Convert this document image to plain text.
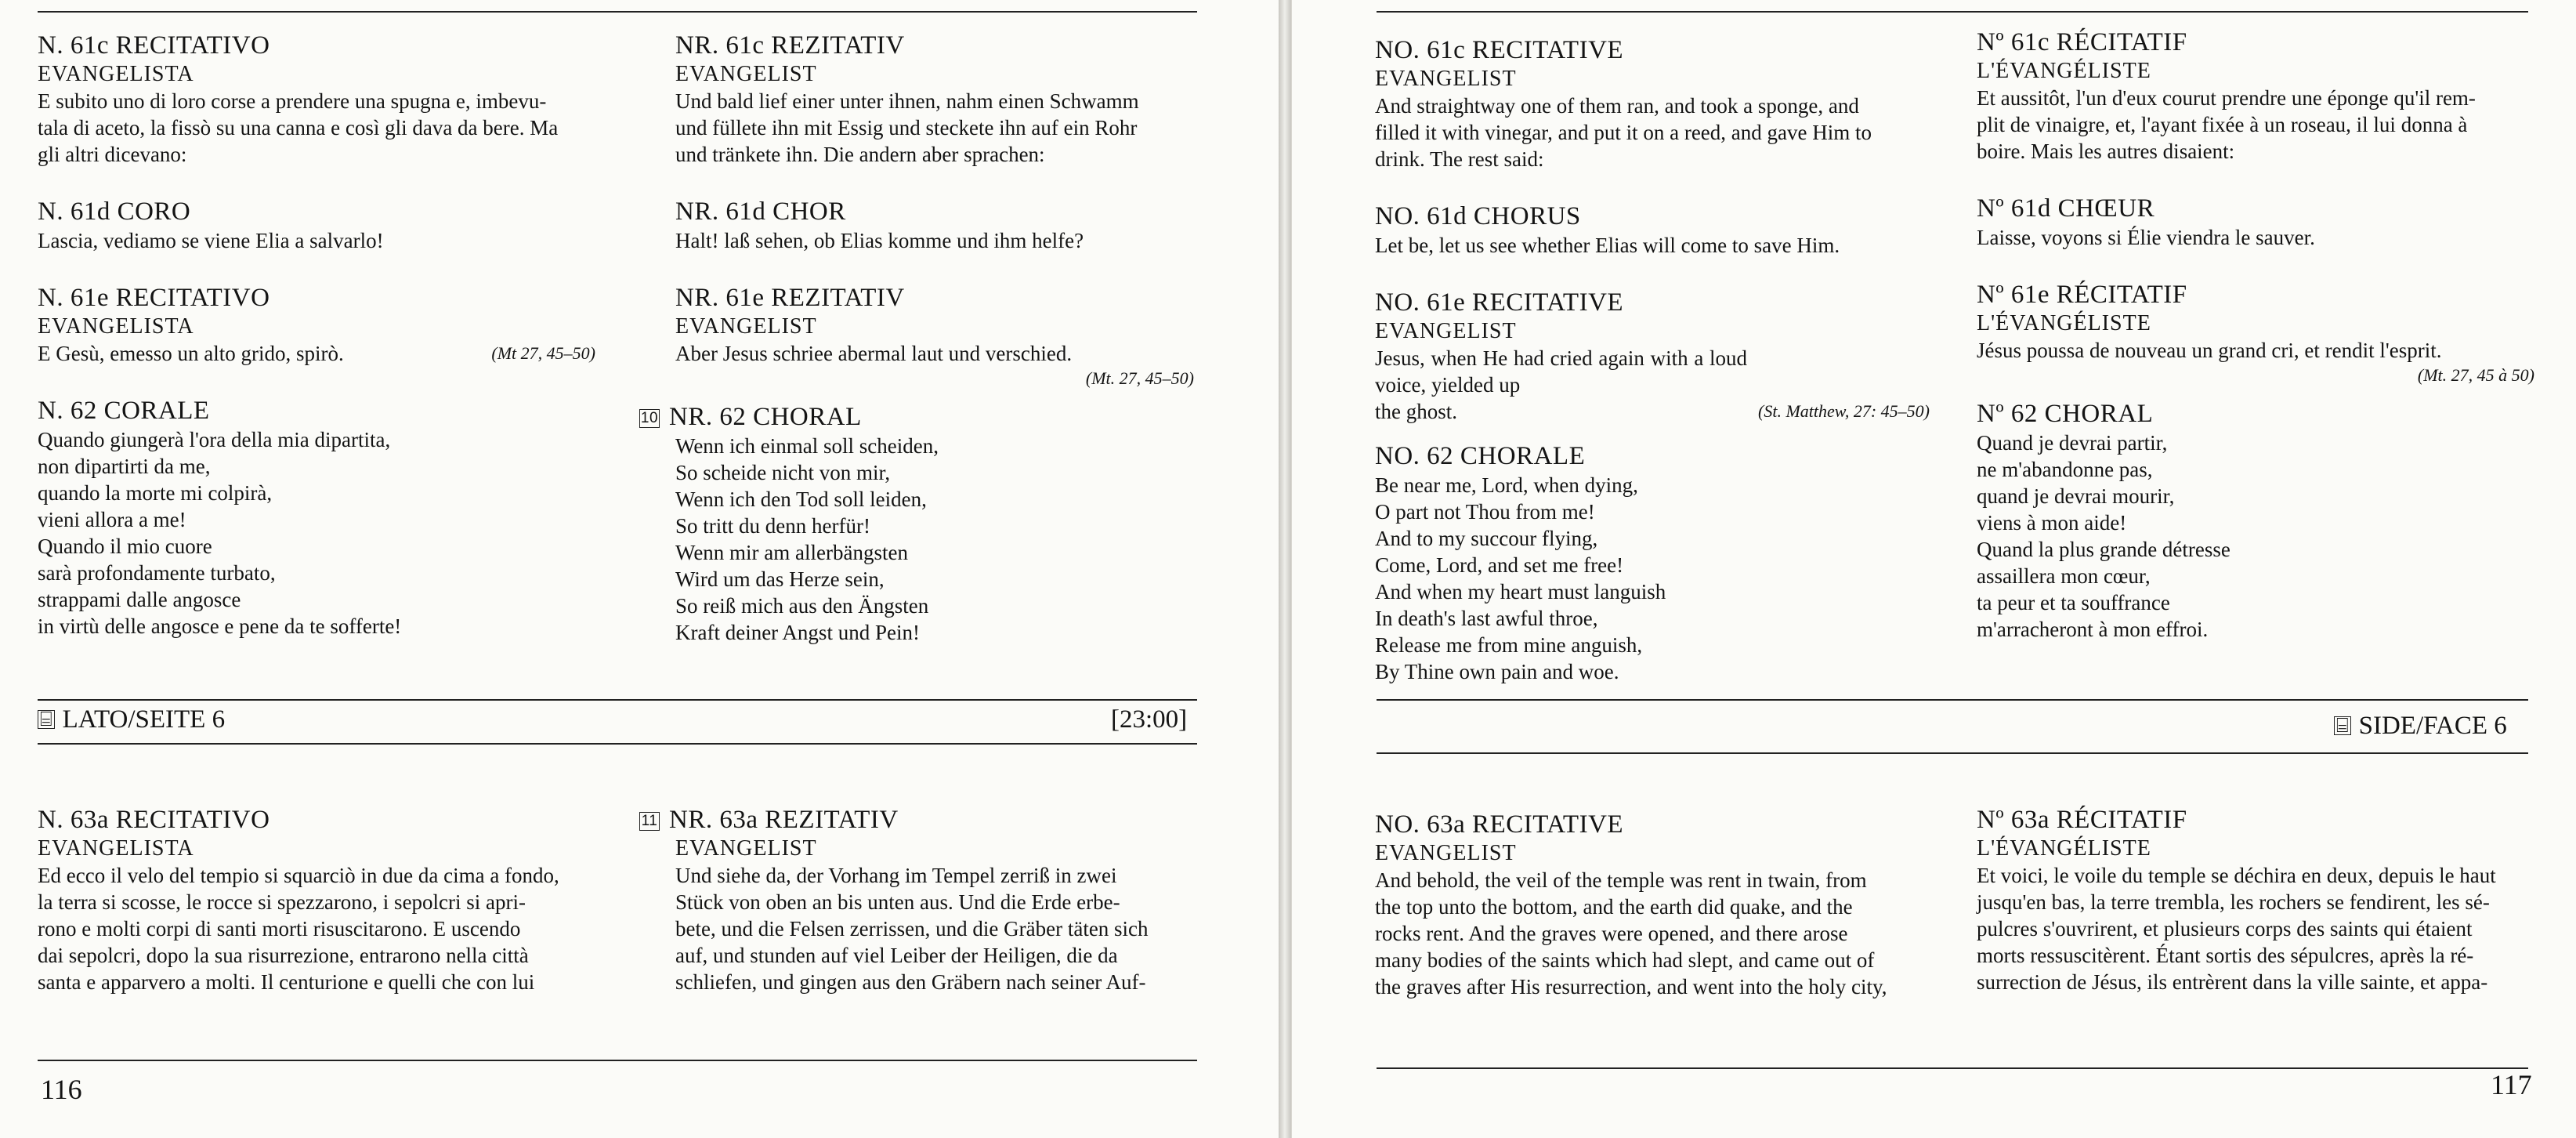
N. 61c RECITATIVO
EVANGELISTA
E subito uno di loro corse a prendere una spugna e, imbevu-
tala di aceto, la fissò su una canna e così gli dava da bere. Ma
gli altri dicevano:
N. 61d CORO
Lascia, vediamo se viene Elia a salvarlo!
N. 61e RECITATIVO
EVANGELISTA
E Gesù, emesso un alto grido, spirò.	(Mt 27, 45–50)
N. 62 CORALE
Quando giungerà l'ora della mia dipartita,
non dipartirti da me,
quando la morte mi colpirà,
vieni allora a me!
Quando il mio cuore
sarà profondamente turbato,
strappami dalle angosce
in virtù delle angosce e pene da te sofferte!
NR. 61c REZITATIV
EVANGELIST
Und bald lief einer unter ihnen, nahm einen Schwamm
und füllete ihn mit Essig und steckete ihn auf ein Rohr
und tränkete ihn. Die andern aber sprachen:
NR. 61d CHOR
Halt! laß sehen, ob Elias komme und ihm helfe?
NR. 61e REZITATIV
EVANGELIST
Aber Jesus schriee abermal laut und verschied.
(Mt. 27, 45–50)
10 NR. 62 CHORAL
Wenn ich einmal soll scheiden,
So scheide nicht von mir,
Wenn ich den Tod soll leiden,
So tritt du denn herfür!
Wenn mir am allerbängsten
Wird um das Herze sein,
So reiß mich aus den Ängsten
Kraft deiner Angst und Pein!
⌸ LATO/SEITE 6	[23:00]
N. 63a RECITATIVO
EVANGELISTA
Ed ecco il velo del tempio si squarciò in due da cima a fondo,
la terra si scosse, le rocce si spezzarono, i sepolcri si apri-
rono e molti corpi di santi morti risuscitarono. E uscendo
dai sepolcri, dopo la sua risurrezione, entrarono nella città
santa e apparvero a molti. Il centurione e quelli che con lui
11 NR. 63a REZITATIV
EVANGELIST
Und siehe da, der Vorhang im Tempel zerriß in zwei
Stück von oben an bis unten aus. Und die Erde erbe-
bete, und die Felsen zerrissen, und die Gräber täten sich
auf, und stunden auf viel Leiber der Heiligen, die da
schliefen, und gingen aus den Gräbern nach seiner Auf-
116
NO. 61c RECITATIVE
EVANGELIST
And straightway one of them ran, and took a sponge, and
filled it with vinegar, and put it on a reed, and gave Him to
drink. The rest said:
NO. 61d CHORUS
Let be, let us see whether Elias will come to save Him.
NO. 61e RECITATIVE
EVANGELIST
Jesus, when He had cried again with a loud voice, yielded up
the ghost.	(St. Matthew, 27: 45–50)
NO. 62 CHORALE
Be near me, Lord, when dying,
O part not Thou from me!
And to my succour flying,
Come, Lord, and set me free!
And when my heart must languish
In death's last awful throe,
Release me from mine anguish,
By Thine own pain and woe.
Nº 61c RÉCITATIF
L'ÉVANGÉLISTE
Et aussitôt, l'un d'eux courut prendre une éponge qu'il rem-
plit de vinaigre, et, l'ayant fixée à un roseau, il lui donna à
boire. Mais les autres disaient:
Nº 61d CHŒUR
Laisse, voyons si Élie viendra le sauver.
Nº 61e RÉCITATIF
L'ÉVANGÉLISTE
Jésus poussa de nouveau un grand cri, et rendit l'esprit.
(Mt. 27, 45 à 50)
Nº 62 CHORAL
Quand je devrai partir,
ne m'abandonne pas,
quand je devrai mourir,
viens à mon aide!
Quand la plus grande détresse
assaillera mon cœur,
ta peur et ta souffrance
m'arracheront à mon effroi.
⌸ SIDE/FACE 6
NO. 63a RECITATIVE
EVANGELIST
And behold, the veil of the temple was rent in twain, from
the top unto the bottom, and the earth did quake, and the
rocks rent. And the graves were opened, and there arose
many bodies of the saints which had slept, and came out of
the graves after His resurrection, and went into the holy city,
Nº 63a RÉCITATIF
L'ÉVANGÉLISTE
Et voici, le voile du temple se déchira en deux, depuis le haut
jusqu'en bas, la terre trembla, les rochers se fendirent, les sé-
pulcres s'ouvrirent, et plusieurs corps des saints qui étaient
morts ressuscitèrent. Étant sortis des sépulcres, après la ré-
surrection de Jésus, ils entrèrent dans la ville sainte, et appa-
117
